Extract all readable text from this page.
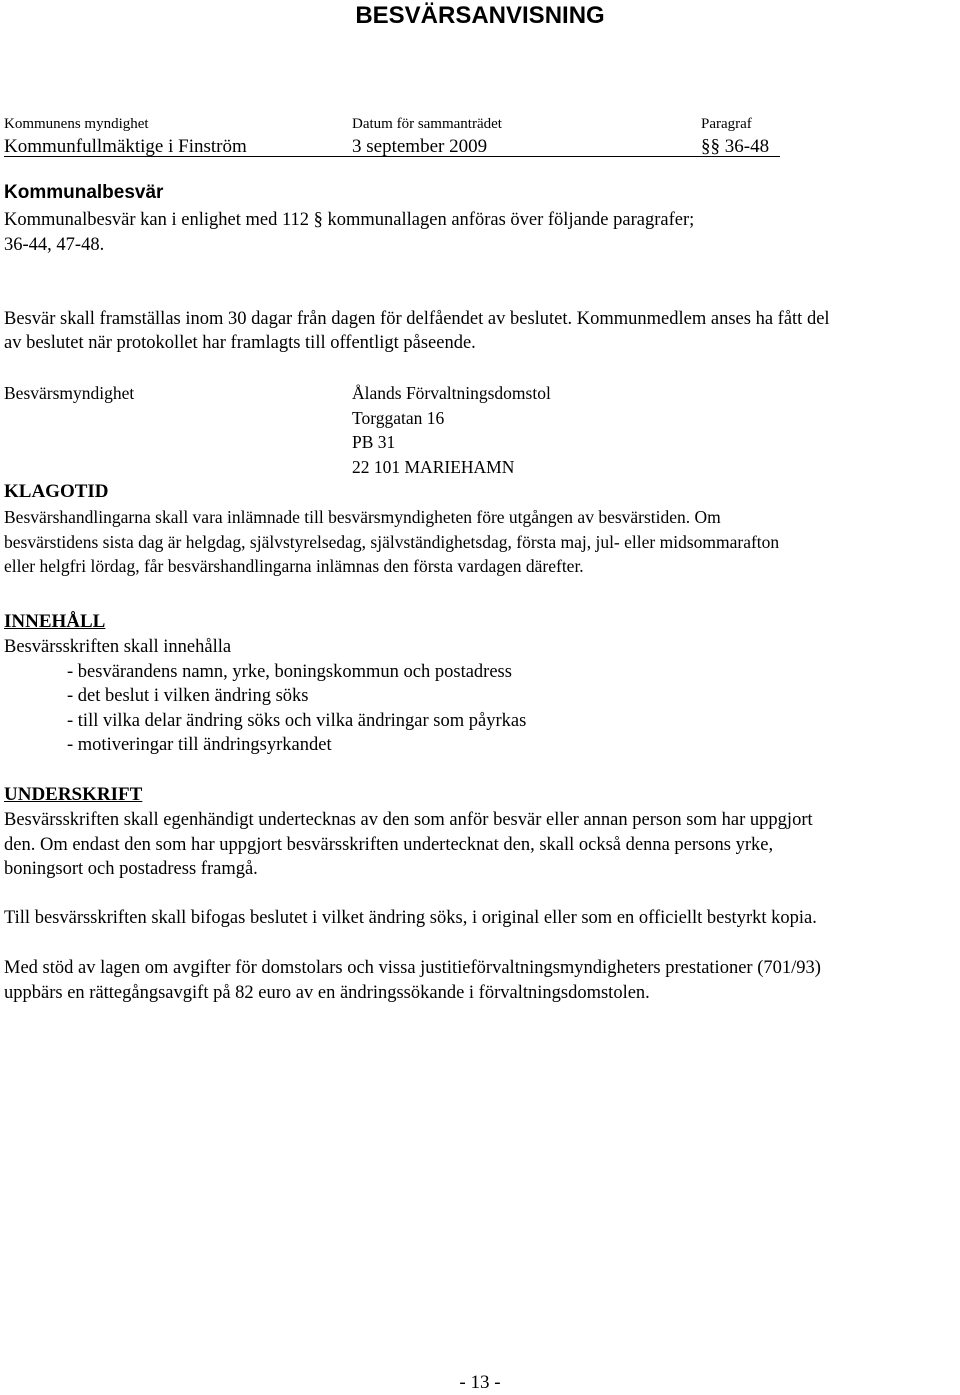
BESVÄRSANVISNING

Kommunens myndighet	Datum för sammanträdet	Paragraf

Kommunfullmäktige i Finström	3 september 2009	§§ 36-48

Kommunalbesvär

Kommunalbesvär kan i enlighet med 112 § kommunallagen anföras över följande paragrafer;

36-44, 47-48.

Besvär skall framställas inom 30 dagar från dagen för delfåendet av beslutet. Kommunmedlem anses ha fått del

av beslutet när protokollet har framlagts till offentligt påseende.

Besvärsmyndighet	Ålands Förvaltningsdomstol

Torggatan 16

PB 31

22 101 MARIEHAMN

KLAGOTID

Besvärshandlingarna skall vara inlämnade till besvärsmyndigheten före utgången av besvärstiden. Om

besvärstidens sista dag är helgdag, självstyrelsedag, självständighetsdag, första maj, jul- eller midsommarafton

eller helgfri lördag, får besvärshandlingarna inlämnas den första vardagen därefter.

INNEHÅLL

Besvärsskriften skall innehålla

- besvärandens namn, yrke, boningskommun och postadress

- det beslut i vilken ändring söks

- till vilka delar ändring söks och vilka ändringar som påyrkas

- motiveringar till ändringsyrkandet

UNDERSKRIFT

Besvärsskriften skall egenhändigt undertecknas av den som anför besvär eller annan person som har uppgjort

den. Om endast den som har uppgjort besvärsskriften undertecknat den, skall också denna persons yrke,

boningsort och postadress framgå.

Till besvärsskriften skall bifogas beslutet i vilket ändring söks, i original eller som en officiellt bestyrkt kopia.

Med stöd av lagen om avgifter för domstolars och vissa justitieförvaltningsmyndigheters prestationer (701/93)

uppbärs en rättegångsavgift på 82 euro av en ändringssökande i förvaltningsdomstolen.

- 13 -
